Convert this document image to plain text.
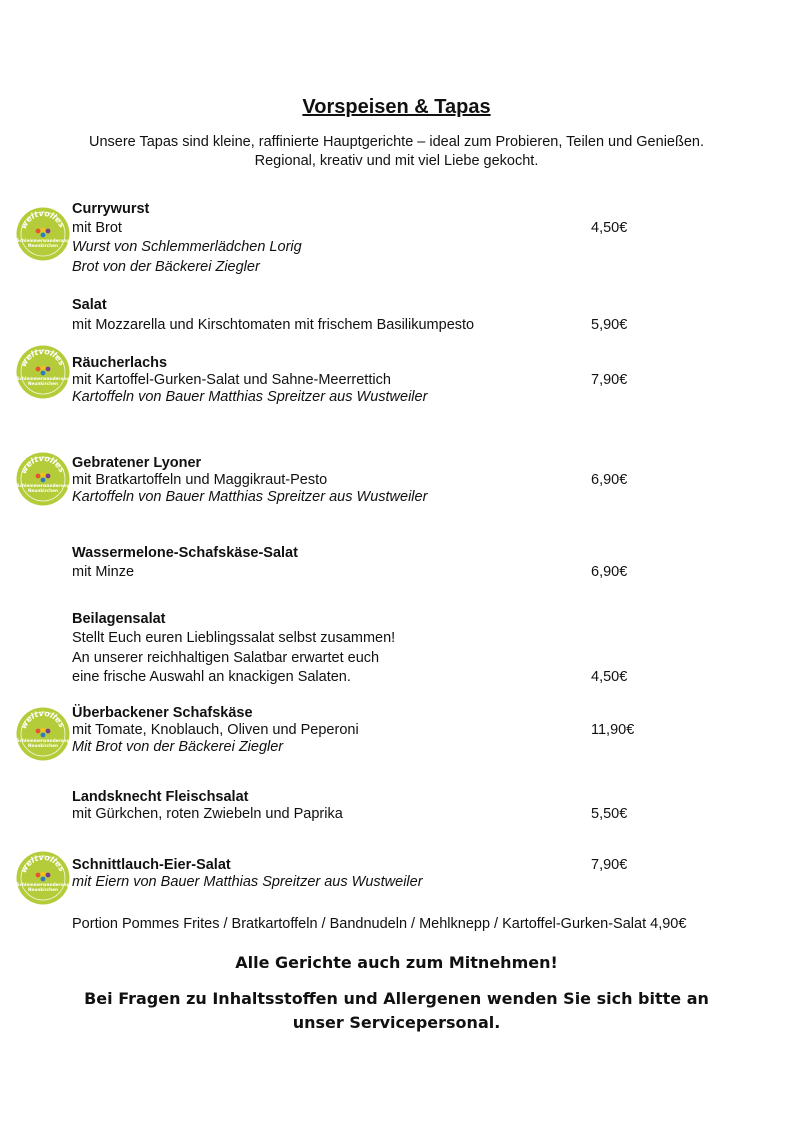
Vorspeisen & Tapas
Unsere Tapas sind kleine, raffinierte Hauptgerichte – ideal zum Probieren, Teilen und Genießen.
Regional, kreativ und mit viel Liebe gekocht.
weltvolles
Schlemmerwanderung
Neunkirchen
weltvolles
Schlemmerwanderung
Neunkirchen
weltvolles
Schlemmerwanderung
Neunkirchen
weltvolles
Schlemmerwanderung
Neunkirchen
weltvolles
Schlemmerwanderung
Neunkirchen
Currywurst
mit Brot	4,50€
Wurst von Schlemmerlädchen Lorig
Brot von der Bäckerei Ziegler
Salat
mit Mozzarella und Kirschtomaten mit frischem Basilikumpesto	5,90€
Räucherlachs
mit Kartoffel-Gurken-Salat und Sahne-Meerrettich	7,90€
Kartoffeln von Bauer Matthias Spreitzer aus Wustweiler
Gebratener Lyoner
mit Bratkartoffeln und Maggikraut-Pesto	6,90€
Kartoffeln von Bauer Matthias Spreitzer aus Wustweiler
Wassermelone-Schafskäse-Salat
mit Minze	6,90€
Beilagensalat
Stellt Euch euren Lieblingssalat selbst zusammen!
An unserer reichhaltigen Salatbar erwartet euch
eine frische Auswahl an knackigen Salaten.	4,50€
Überbackener Schafskäse
mit Tomate, Knoblauch, Oliven und Peperoni	11,90€
Mit Brot von der Bäckerei Ziegler
Landsknecht Fleischsalat
mit Gürkchen, roten Zwiebeln und Paprika	5,50€
Schnittlauch-Eier-Salat	7,90€
mit Eiern von Bauer Matthias Spreitzer aus Wustweiler
Portion Pommes Frites / Bratkartoffeln / Bandnudeln / Mehlknepp / Kartoffel-Gurken-Salat 4,90€
Alle Gerichte auch zum Mitnehmen!
Bei Fragen zu Inhaltsstoffen und Allergenen wenden Sie sich bitte an unser Servicepersonal.
